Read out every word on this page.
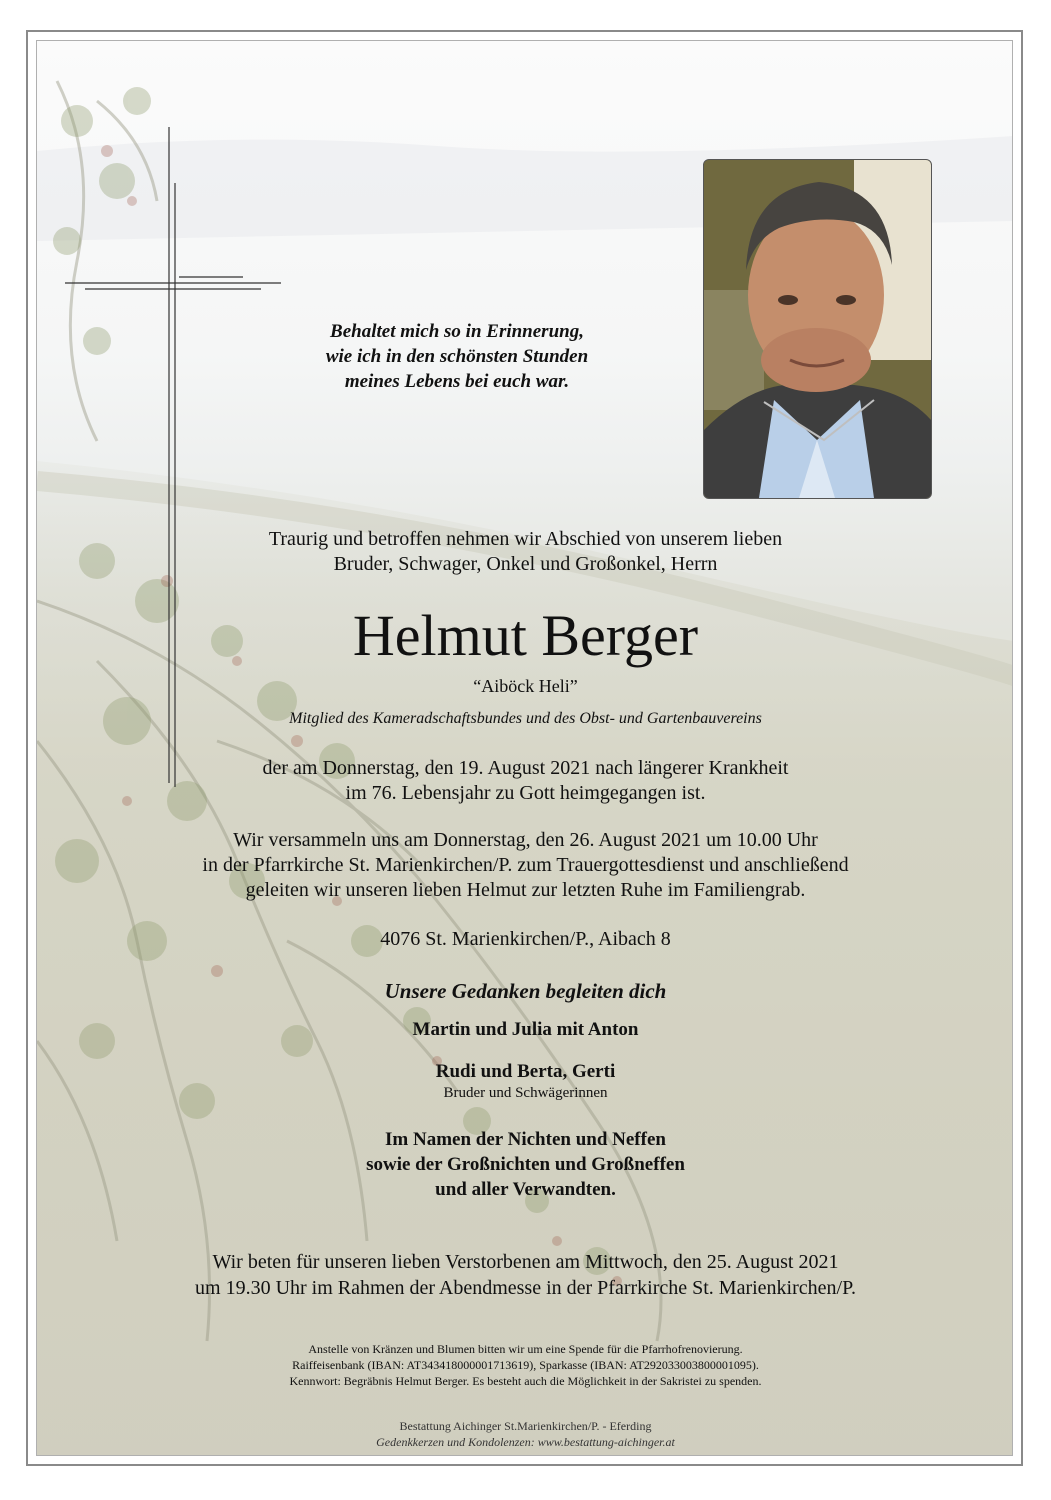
Behaltet mich so in Erinnerung,
wie ich in den schönsten Stunden
meines Lebens bei euch war.
Traurig und betroffen nehmen wir Abschied von unserem lieben
Bruder, Schwager, Onkel und Großonkel, Herrn
Helmut Berger
“Aiböck Heli”
Mitglied des Kameradschaftsbundes und des Obst- und Gartenbauvereins
der am Donnerstag, den 19. August 2021 nach längerer Krankheit
im 76. Lebensjahr zu Gott heimgegangen ist.
Wir versammeln uns am Donnerstag, den 26. August 2021 um 10.00 Uhr
in der Pfarrkirche St. Marienkirchen/P. zum Trauergottesdienst und anschließend
geleiten wir unseren lieben Helmut zur letzten Ruhe im Familiengrab.
4076 St. Marienkirchen/P., Aibach 8
Unsere Gedanken begleiten dich
Martin und Julia mit Anton
Rudi und Berta, Gerti
Bruder und Schwägerinnen
Im Namen der Nichten und Neffen
sowie der Großnichten und Großneffen
und aller Verwandten.
Wir beten für unseren lieben Verstorbenen am Mittwoch, den 25. August 2021
um 19.30 Uhr im Rahmen der Abendmesse in der Pfarrkirche St. Marienkirchen/P.
Anstelle von Kränzen und Blumen bitten wir um eine Spende für die Pfarrhofrenovierung.
Raiffeisenbank (IBAN: AT343418000001713619), Sparkasse (IBAN: AT292033003800001095).
Kennwort: Begräbnis Helmut Berger. Es besteht auch die Möglichkeit in der Sakristei zu spenden.
Bestattung Aichinger St.Marienkirchen/P. - Eferding
Gedenkkerzen und Kondolenzen: www.bestattung-aichinger.at
